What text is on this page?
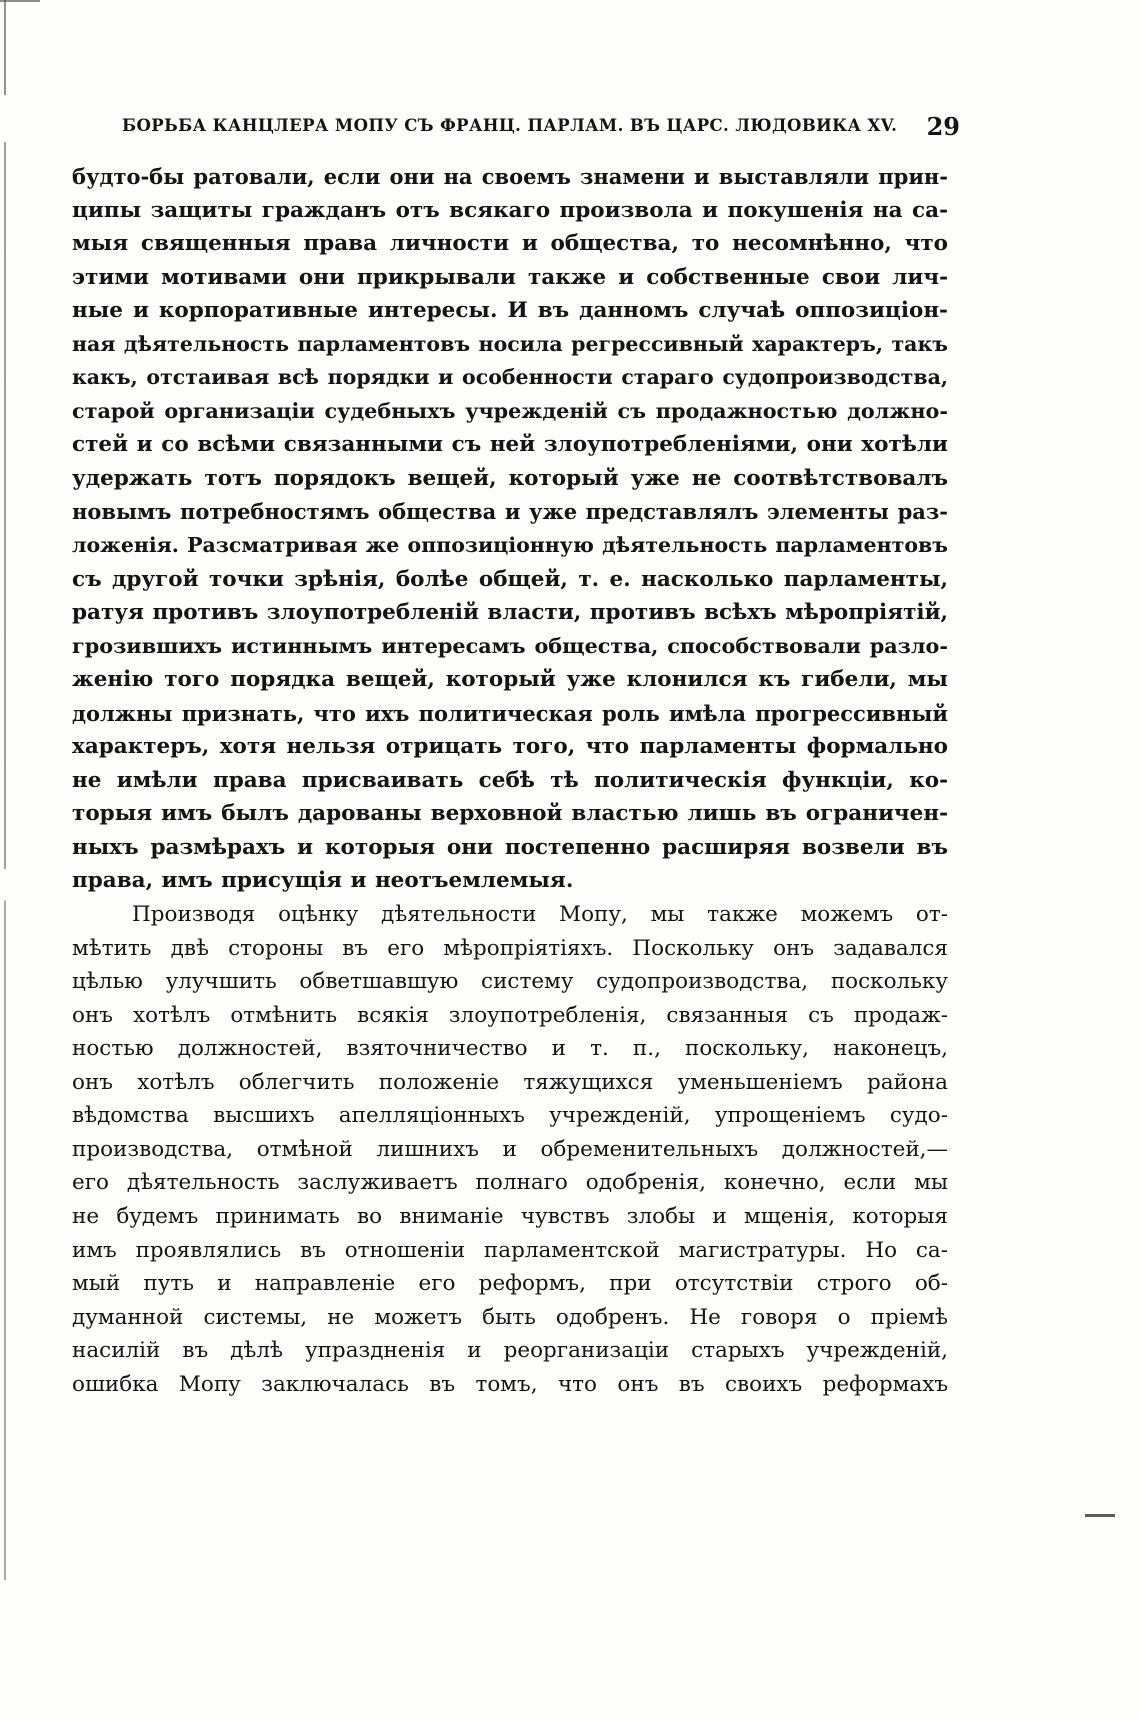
БОРЬБА КАНЦЛЕРА МОПУ СЪ ФРАНЦ. ПАРЛАМ. ВЪ ЦАРС. ЛЮДОВИКА XV. 29
будто-бы ратовали, если они на своемъ знамени и выставляли прин-
ципы защиты гражданъ отъ всякаго произвола и покушенія на са-
мыя священныя права личности и общества, то несомнѣнно, что
этими мотивами они прикрывали также и собственные свои лич-
ные и корпоративные интересы. И въ данномъ случаѣ оппозиціон-
ная дѣятельность парламентовъ носила регрессивный характеръ, такъ
какъ, отстаивая всѣ порядки и особенности стараго судопроизводства,
старой организаціи судебныхъ учрежденій съ продажностью должно-
стей и со всѣми связанными съ ней злоупотребленіями, они хотѣли
удержать тотъ порядокъ вещей, который уже не соотвѣтствовалъ
новымъ потребностямъ общества и уже представлялъ элементы раз-
ложенія. Разсматривая же оппозиціонную дѣятельность парламентовъ
съ другой точки зрѣнія, болѣе общей, т. е. насколько парламенты,
ратуя противъ злоупотребленій власти, противъ всѣхъ мѣропріятій,
грозившихъ истиннымъ интересамъ общества, способствовали разло-
женію того порядка вещей, который уже клонился къ гибели, мы
должны признать, что ихъ политическая роль имѣла прогрессивный
характеръ, хотя нельзя отрицать того, что парламенты формально
не имѣли права присваивать себѣ тѣ политическія функціи, ко-
торыя имъ былъ дарованы верховной властью лишь въ ограничен-
ныхъ размѣрахъ и которыя они постепенно расширяя возвели въ
права, имъ присущія и неотъемлемыя.
Производя оцѣнку дѣятельности Мопу, мы также можемъ от-
мѣтить двѣ стороны въ его мѣропріятіяхъ. Поскольку онъ задавался
цѣлью улучшить обветшавшую систему судопроизводства, поскольку
онъ хотѣлъ отмѣнить всякія злоупотребленія, связанныя съ продаж-
ностью должностей, взяточничество и т. п., поскольку, наконецъ,
онъ хотѣлъ облегчить положеніе тяжущихся уменьшеніемъ района
вѣдомства высшихъ апелляціонныхъ учрежденій, упрощеніемъ судо-
производства, отмѣной лишнихъ и обременительныхъ должностей,—
его дѣятельность заслуживаетъ полнаго одобренія, конечно, если мы
не будемъ принимать во вниманіе чувствъ злобы и мщенія, которыя
имъ проявлялись въ отношеніи парламентской магистратуры. Но са-
мый путь и направленіе его реформъ, при отсутствіи строго об-
думанной системы, не можетъ быть одобренъ. Не говоря о пріемѣ
насилій въ дѣлѣ упраздненія и реорганизаціи старыхъ учрежденій,
ошибка Мопу заключалась въ томъ, что онъ въ своихъ реформахъ
